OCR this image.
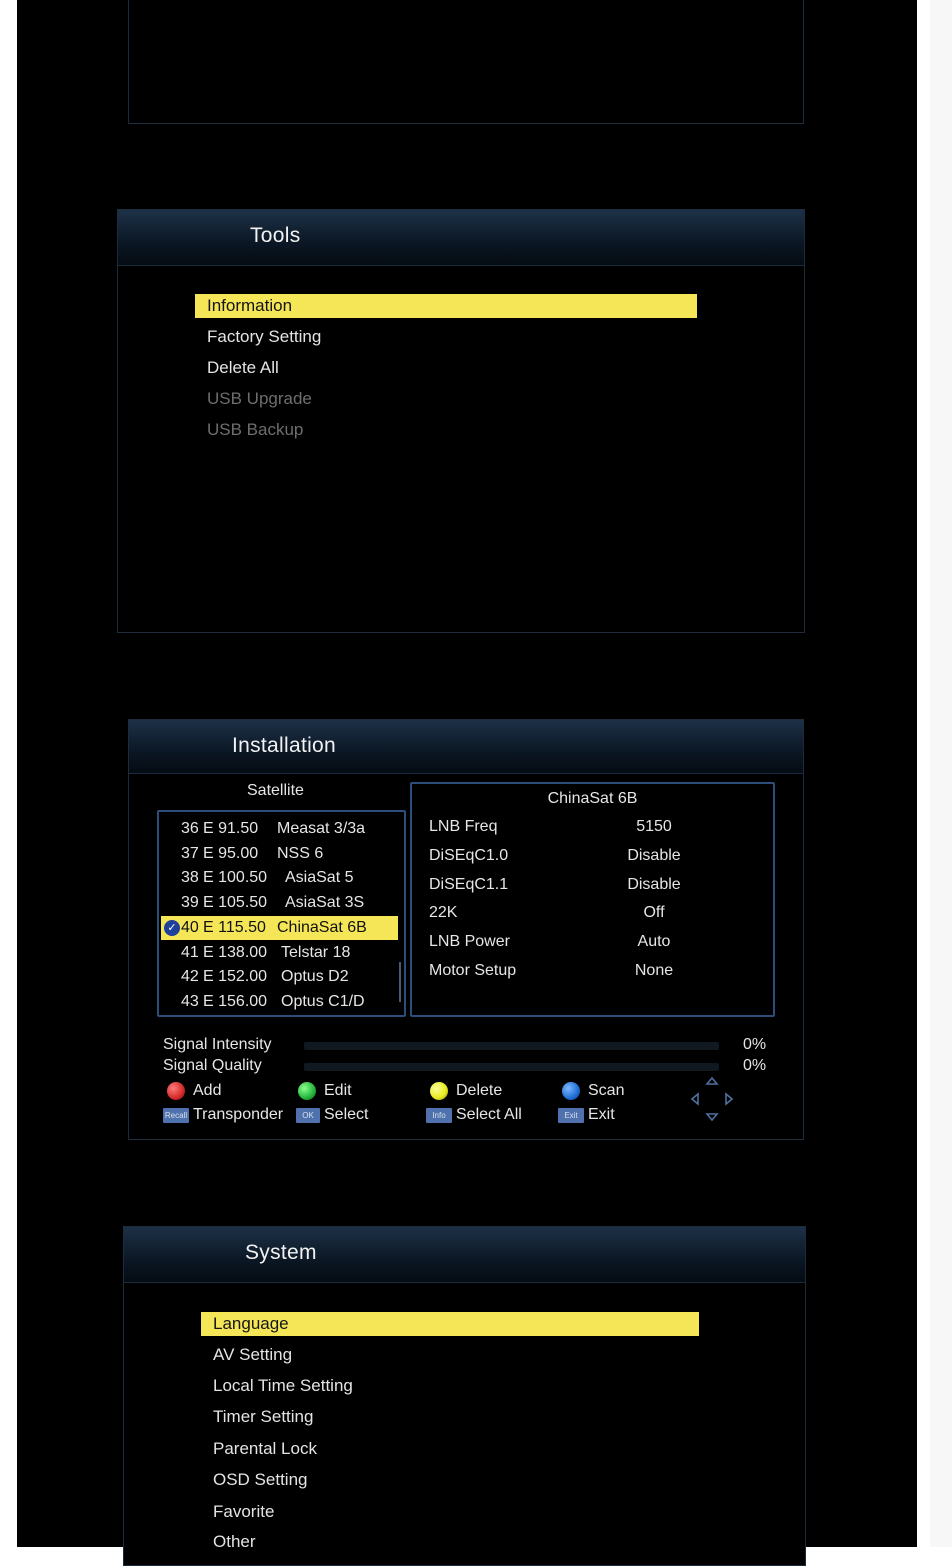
Tools
Information
Factory Setting
Delete All
USB Upgrade
USB Backup
Installation
Satellite
36 E 91.50 Measat 3/3a
37 E 95.00 NSS 6
38 E 100.50 AsiaSat 5
39 E 105.50 AsiaSat 3S
✓ 40 E 115.50 ChinaSat 6B
41 E 138.00 Telstar 18
42 E 152.00 Optus D2
43 E 156.00 Optus C1/D
ChinaSat 6B
LNB Freq	5150
DiSEqC1.0	Disable
DiSEqC1.1	Disable
22K	Off
LNB Power	Auto
Motor Setup	None
Signal Intensity	0%
Signal Quality	0%
Add	Edit	Delete	Scan
Recall Transponder	OK Select	Info Select All	Exit Exit
System
Language
AV Setting
Local Time Setting
Timer Setting
Parental Lock
OSD Setting
Favorite
Other
